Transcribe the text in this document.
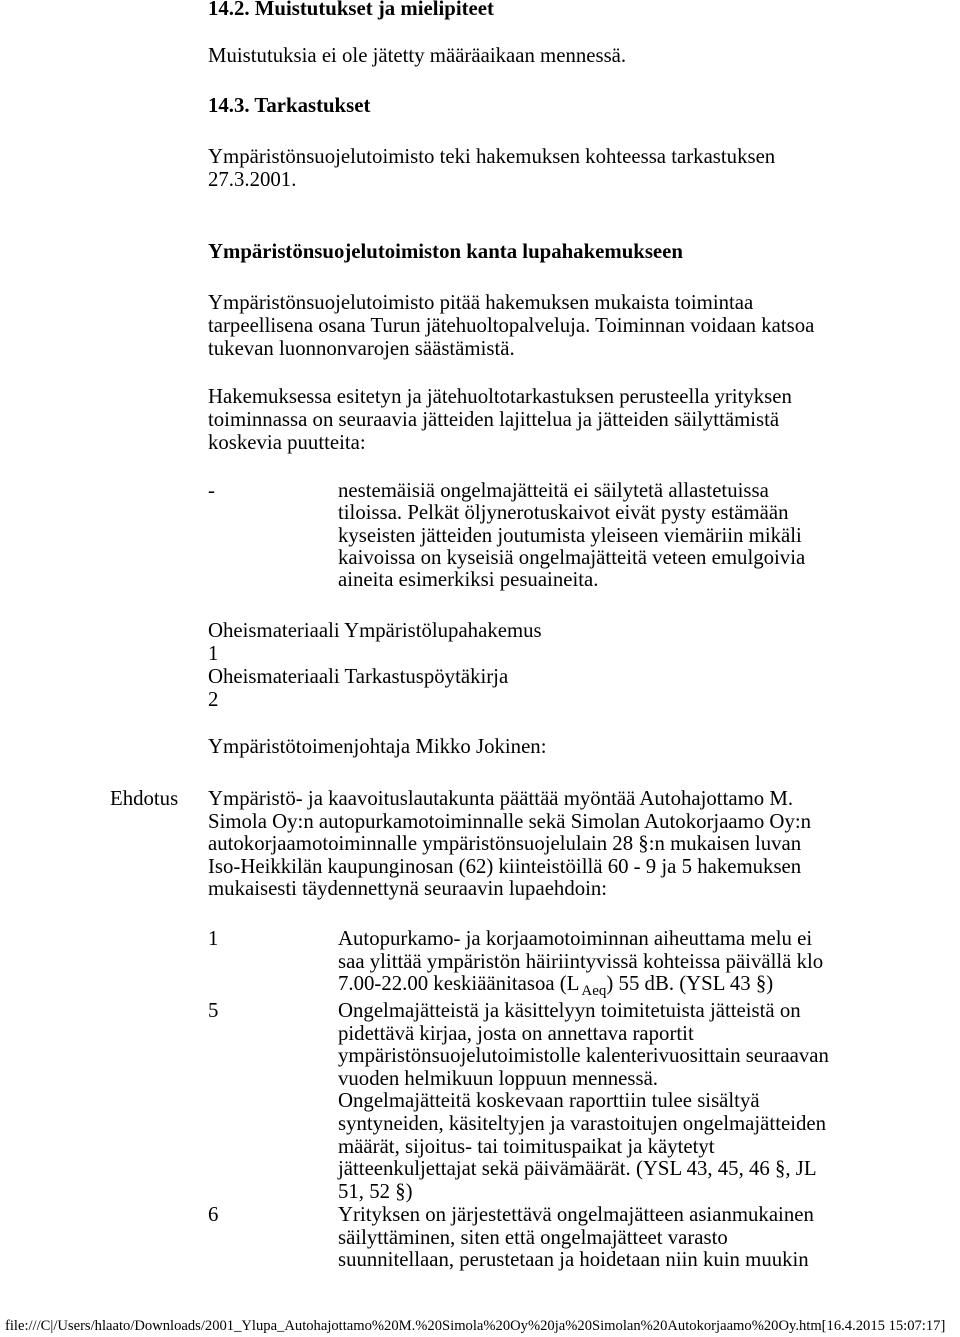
14.2. Muistutukset ja mielipiteet
Muistutuksia ei ole jätetty määräaikaan mennessä.
14.3. Tarkastukset
Ympäristönsuojelutoimisto teki hakemuksen kohteessa tarkastuksen
27.3.2001.
Ympäristönsuojelutoimiston kanta lupahakemukseen
Ympäristönsuojelutoimisto pitää hakemuksen mukaista toimintaa
tarpeellisena osana Turun jätehuoltopalveluja. Toiminnan voidaan katsoa
tukevan luonnonvarojen säästämistä.
Hakemuksessa esitetyn ja jätehuoltotarkastuksen perusteella yrityksen
toiminnassa on seuraavia jätteiden lajittelua ja jätteiden säilyttämistä
koskevia puutteita:
-	nestemäisiä ongelmajätteitä ei säilytetä allastetuissa
tiloissa. Pelkät öljynerotuskaivot eivät pysty estämään
kyseisten jätteiden joutumista yleiseen viemäriin mikäli
kaivoissa on kyseisiä ongelmajätteitä veteen emulgoivia
aineita esimerkiksi pesuaineita.
Oheismateriaali Ympäristölupahakemus
1
Oheismateriaali Tarkastuspöytäkirja
2
Ympäristötoimenjohtaja Mikko Jokinen:
Ehdotus Ympäristö- ja kaavoituslautakunta päättää myöntää Autohajottamo M.
Simola Oy:n autopurkamotoiminnalle sekä Simolan Autokorjaamo Oy:n
autokorjaamotoiminnalle ympäristönsuojelulain 28 §:n mukaisen luvan
Iso-Heikkilän kaupunginosan (62) kiinteistöillä 60 - 9 ja 5 hakemuksen
mukaisesti täydennettynä seuraavin lupaehdoin:
1	Autopurkamo- ja korjaamotoiminnan aiheuttama melu ei
saa ylittää ympäristön häiriintyvissä kohteissa päivällä klo
7.00-22.00 keskiäänitasoa (L $_{Aeq}$) 55 dB. (YSL 43 §)
5	Ongelmajätteistä ja käsittelyyn toimitetuista jätteistä on
pidettävä kirjaa, josta on annettava raportit
ympäristönsuojelutoimistolle kalenterivuosittain seuraavan
vuoden helmikuun loppuun mennessä.
Ongelmajätteitä koskevaan raporttiin tulee sisältyä
syntyneiden, käsiteltyjen ja varastoitujen ongelmajätteiden
määrät, sijoitus- tai toimituspaikat ja käytetyt
jätteenkuljettajat sekä päivämäärät. (YSL 43, 45, 46 §, JL
51, 52 §)
6	Yrityksen on järjestettävä ongelmajätteen asianmukainen
säilyttäminen, siten että ongelmajätteet varasto
suunnitellaan, perustetaan ja hoidetaan niin kuin muukin
file:///C|/Users/hlaato/Downloads/2001_Ylupa_Autohajottamo%20M.%20Simola%20Oy%20ja%20Simolan%20Autokorjaamo%20Oy.htm[16.4.2015 15:07:17]
